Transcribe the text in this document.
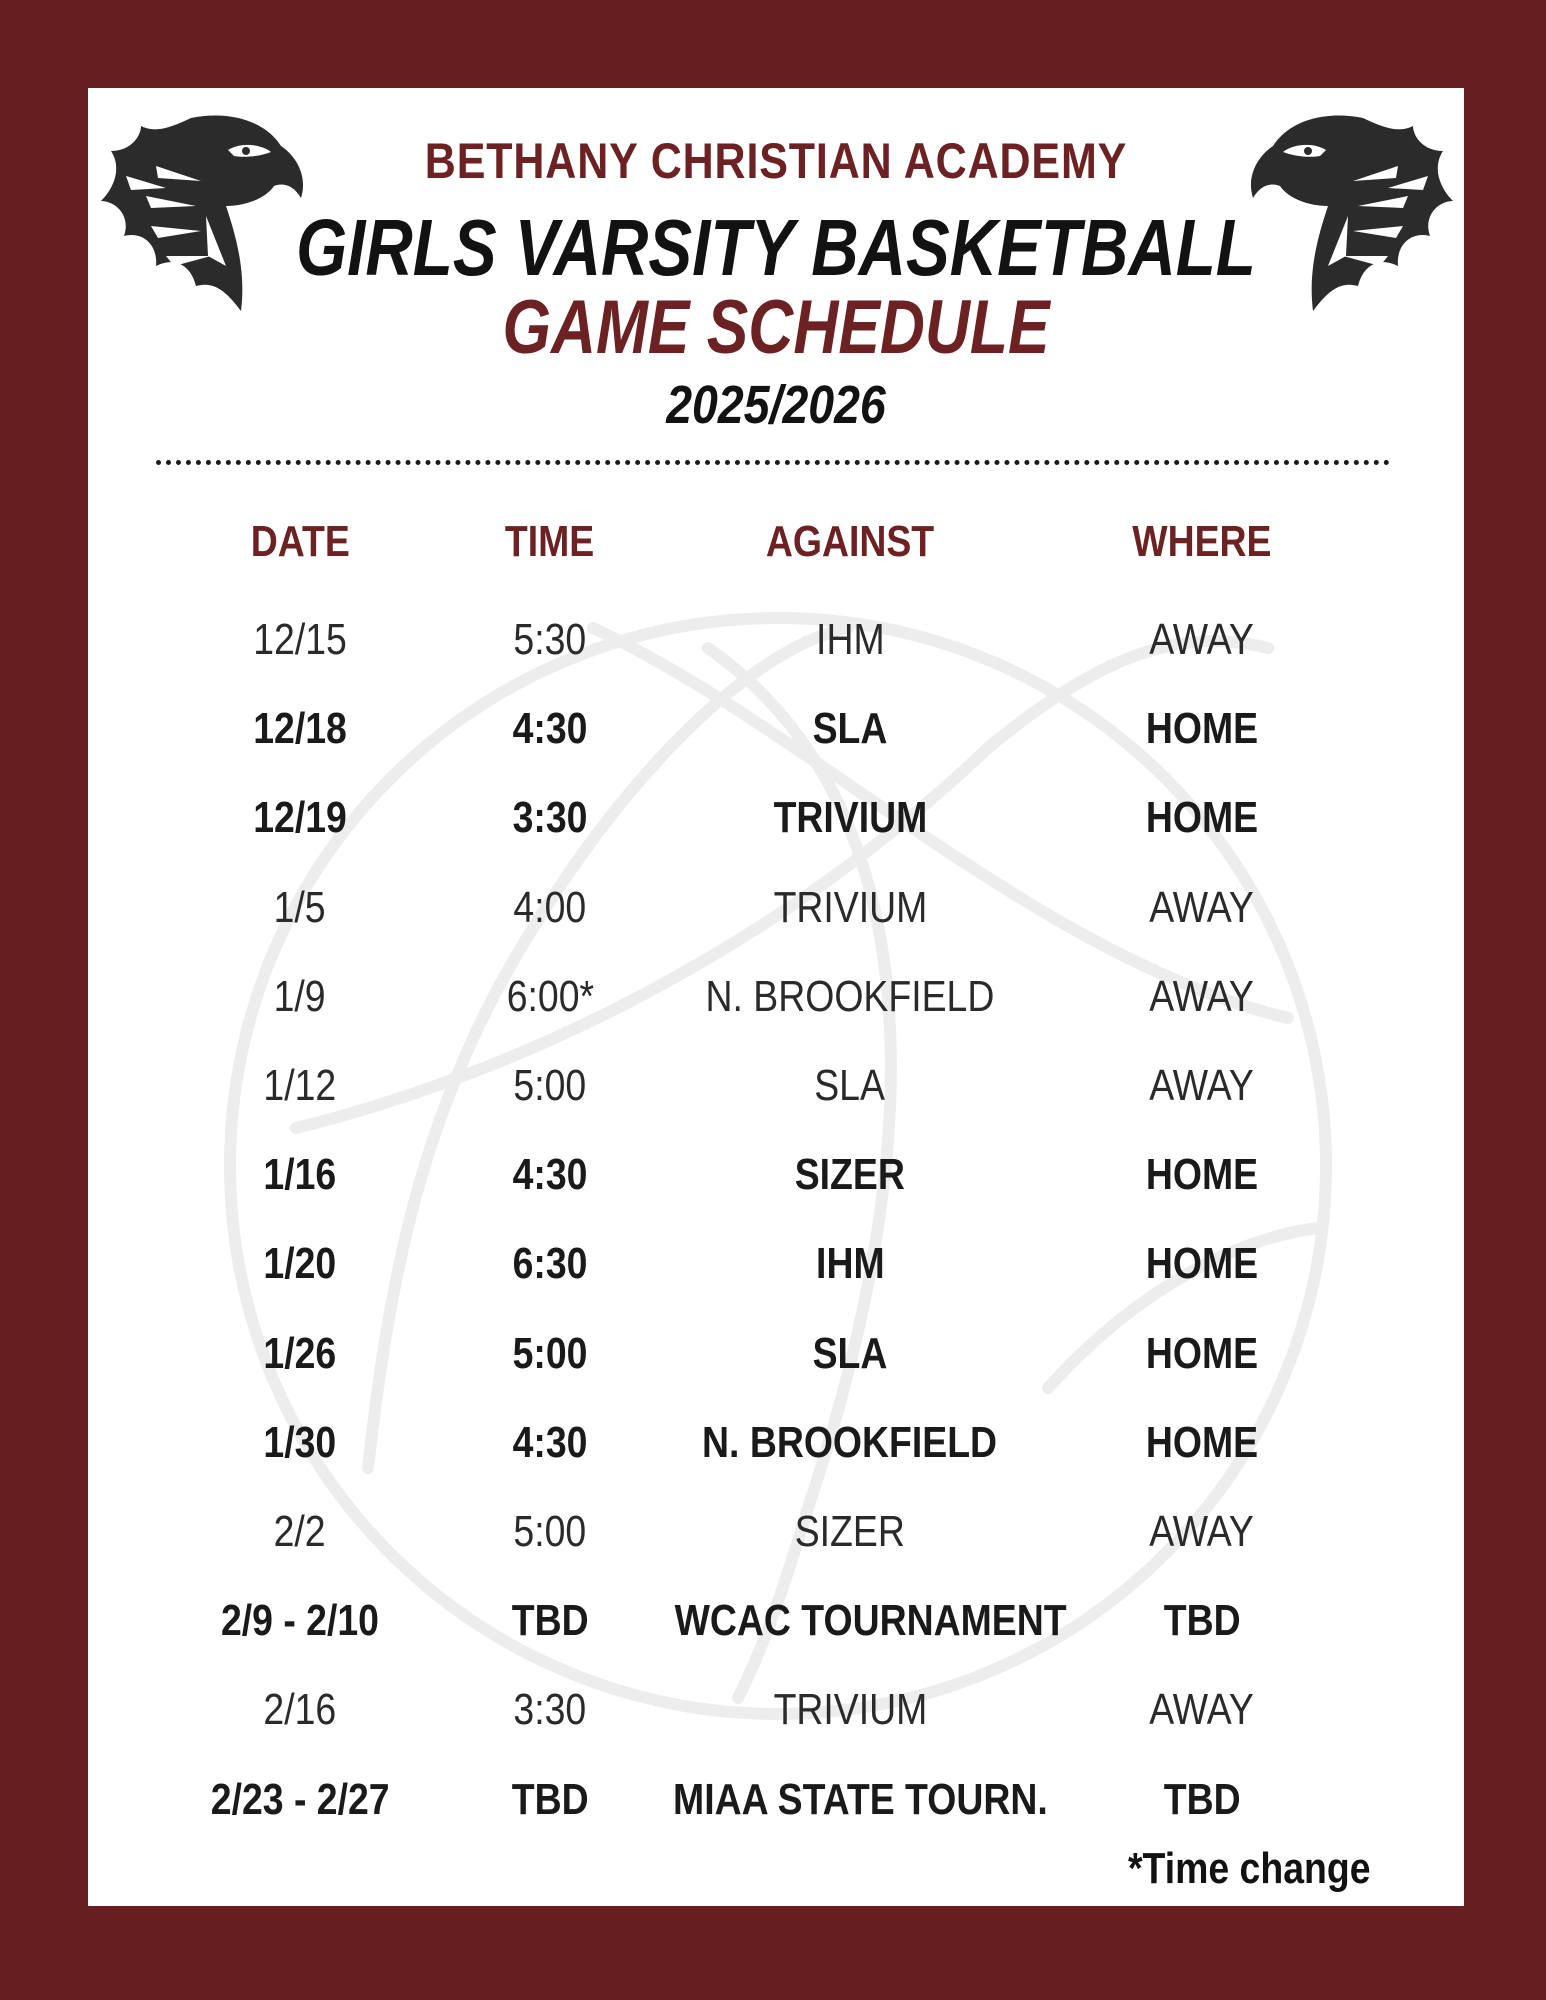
BETHANY CHRISTIAN ACADEMY
GIRLS VARSITY BASKETBALL
GAME SCHEDULE
2025/2026
DATE	TIME	AGAINST	WHERE
12/15	5:30	IHM	AWAY
12/18	4:30	SLA	HOME
12/19	3:30	TRIVIUM	HOME
1/5	4:00	TRIVIUM	AWAY
1/9	6:00*	N. BROOKFIELD	AWAY
1/12	5:00	SLA	AWAY
1/16	4:30	SIZER	HOME
1/20	6:30	IHM	HOME
1/26	5:00	SLA	HOME
1/30	4:30	N. BROOKFIELD	HOME
2/2	5:00	SIZER	AWAY
2/9 - 2/10	TBD	WCAC TOURNAMENT	TBD
2/16	3:30	TRIVIUM	AWAY
2/23 - 2/27	TBD	MIAA STATE TOURN.	TBD
*Time change
